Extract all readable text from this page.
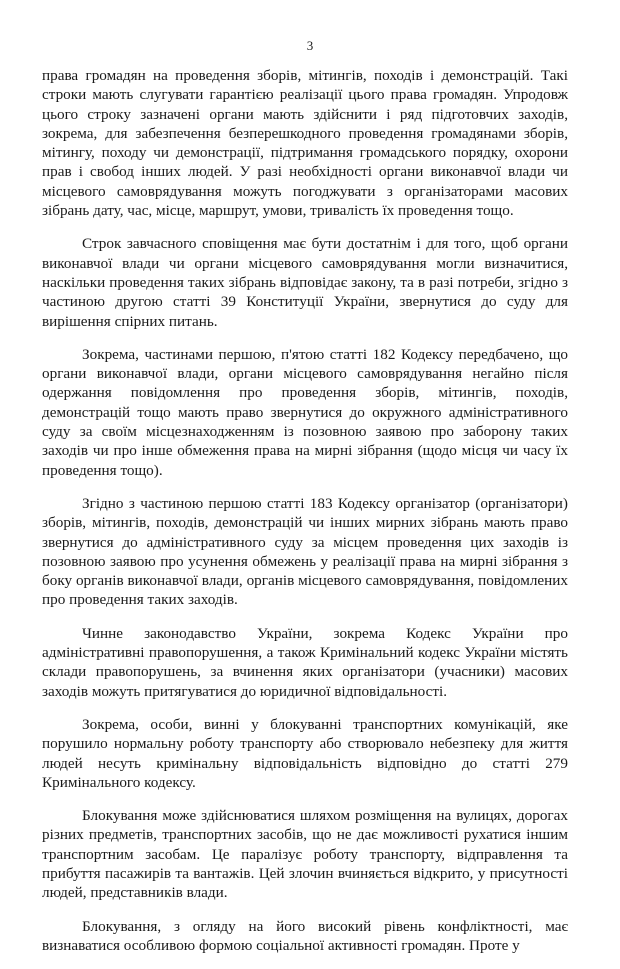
3

права громадян на проведення зборів, мітингів, походів і демонстрацій. Такі строки мають слугувати гарантією реалізації цього права громадян. Упродовж цього строку зазначені органи мають здійснити і ряд підготовчих заходів, зокрема, для забезпечення безперешкодного проведення громадянами зборів, мітингу, походу чи демонстрації, підтримання громадського порядку, охорони прав і свобод інших людей. У разі необхідності органи виконавчої влади чи місцевого самоврядування можуть погоджувати з організаторами масових зібрань дату, час, місце, маршрут, умови, тривалість їх проведення тощо.

Строк завчасного сповіщення має бути достатнім і для того, щоб органи виконавчої влади чи органи місцевого самоврядування могли визначитися, наскільки проведення таких зібрань відповідає закону, та в разі потреби, згідно з частиною другою статті 39 Конституції України, звернутися до суду для вирішення спірних питань.

Зокрема, частинами першою, п'ятою статті 182 Кодексу передбачено, що органи виконавчої влади, органи місцевого самоврядування негайно після одержання повідомлення про проведення зборів, мітингів, походів, демонстрацій тощо мають право звернутися до окружного адміністративного суду за своїм місцезнаходженням із позовною заявою про заборону таких заходів чи про інше обмеження права на мирні зібрання (щодо місця чи часу їх проведення тощо).

Згідно з частиною першою статті 183 Кодексу організатор (організатори) зборів, мітингів, походів, демонстрацій чи інших мирних зібрань мають право звернутися до адміністративного суду за місцем проведення цих заходів із позовною заявою про усунення обмежень у реалізації права на мирні зібрання з боку органів виконавчої влади, органів місцевого самоврядування, повідомлених про проведення таких заходів.

Чинне законодавство України, зокрема Кодекс України про адміністративні правопорушення, а також Кримінальний кодекс України містять склади правопорушень, за вчинення яких організатори (учасники) масових заходів можуть притягуватися до юридичної відповідальності.

Зокрема, особи, винні у блокуванні транспортних комунікацій, яке порушило нормальну роботу транспорту або створювало небезпеку для життя людей несуть кримінальну відповідальність відповідно до статті 279 Кримінального кодексу.

Блокування може здійснюватися шляхом розміщення на вулицях, дорогах різних предметів, транспортних засобів, що не дає можливості рухатися іншим транспортним засобам. Це паралізує роботу транспорту, відправлення та прибуття пасажирів та вантажів. Цей злочин вчиняється відкрито, у присутності людей, представників влади.

Блокування, з огляду на його високий рівень конфліктності, має визнаватися особливою формою соціальної активності громадян. Проте у
